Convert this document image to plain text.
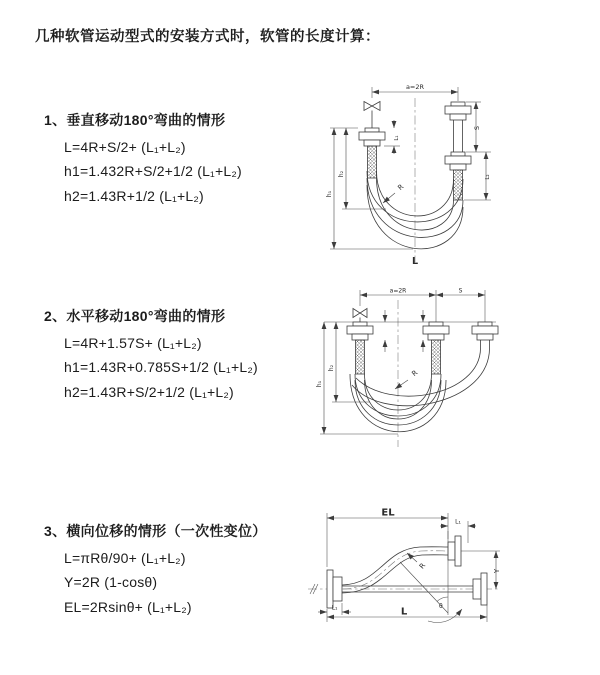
几种软管运动型式的安装方式时，软管的长度计算：
1、垂直移动180°弯曲的情形
L=4R+S/2+ (L₁+L₂)
h1=1.432R+S/2+1/2 (L₁+L₂)
h2=1.43R+1/2 (L₁+L₂)
2、水平移动180°弯曲的情形
L=4R+1.57S+ (L₁+L₂)
h1=1.43R+0.785S+1/2 (L₁+L₂)
h2=1.43R+S/2+1/2 (L₁+L₂)
3、横向位移的情形（一次性变位）
L=πRθ/90+ (L₁+L₂)
Y=2R (1-cosθ)
EL=2Rsinθ+ (L₁+L₂)
a=2R
h₁
h₂
L₁
S
L₂
R
L
a=2R	S
h₁
h₂
R
EL
L₁
θ
R
Y
L
L₁
